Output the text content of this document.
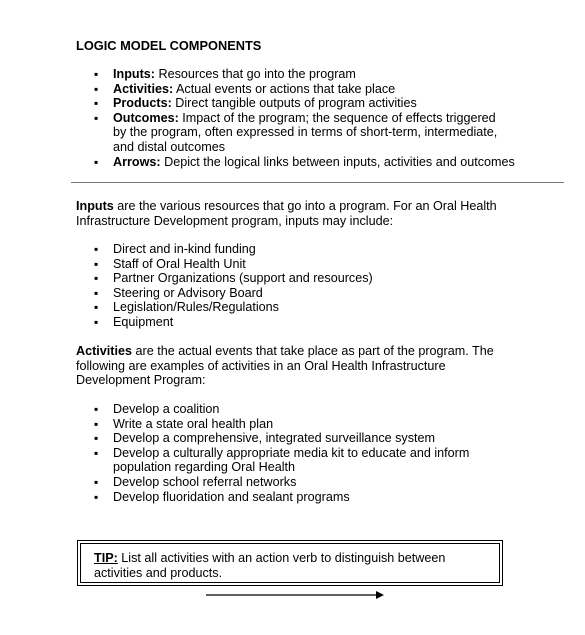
LOGIC MODEL COMPONENTS
▪ Inputs: Resources that go into the program
▪ Activities: Actual events or actions that take place
▪ Products: Direct tangible outputs of program activities
▪ Outcomes: Impact of the program; the sequence of effects triggered by the program, often expressed in terms of short-term, intermediate, and distal outcomes
▪ Arrows: Depict the logical links between inputs, activities and outcomes
Inputs are the various resources that go into a program. For an Oral Health Infrastructure Development program, inputs may include:
▪ Direct and in-kind funding
▪ Staff of Oral Health Unit
▪ Partner Organizations (support and resources)
▪ Steering or Advisory Board
▪ Legislation/Rules/Regulations
▪ Equipment
Activities are the actual events that take place as part of the program. The following are examples of activities in an Oral Health Infrastructure Development Program:
▪ Develop a coalition
▪ Write a state oral health plan
▪ Develop a comprehensive, integrated surveillance system
▪ Develop a culturally appropriate media kit to educate and inform population regarding Oral Health
▪ Develop school referral networks
▪ Develop fluoridation and sealant programs
TIP: List all activities with an action verb to distinguish between activities and products.
